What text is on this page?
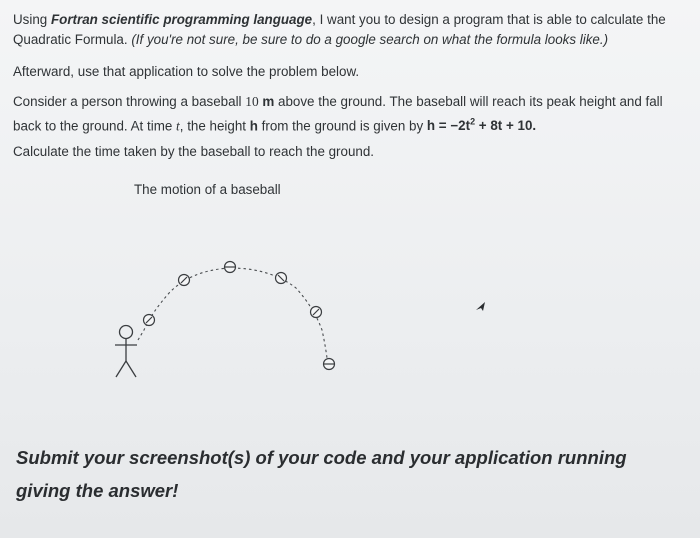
Using Fortran scientific programming language, I want you to design a program that is able to calculate the Quadratic Formula. (If you're not sure, be sure to do a google search on what the formula looks like.)

Afterward, use that application to solve the problem below.

Consider a person throwing a baseball 10 m above the ground. The baseball will reach its peak height and fall back to the ground. At time t, the height h from the ground is given by $h = -2t^2 + 8t + 10$.

Calculate the time taken by the baseball to reach the ground.

The motion of a baseball

Submit your screenshot(s) of your code and your application running giving the answer!
